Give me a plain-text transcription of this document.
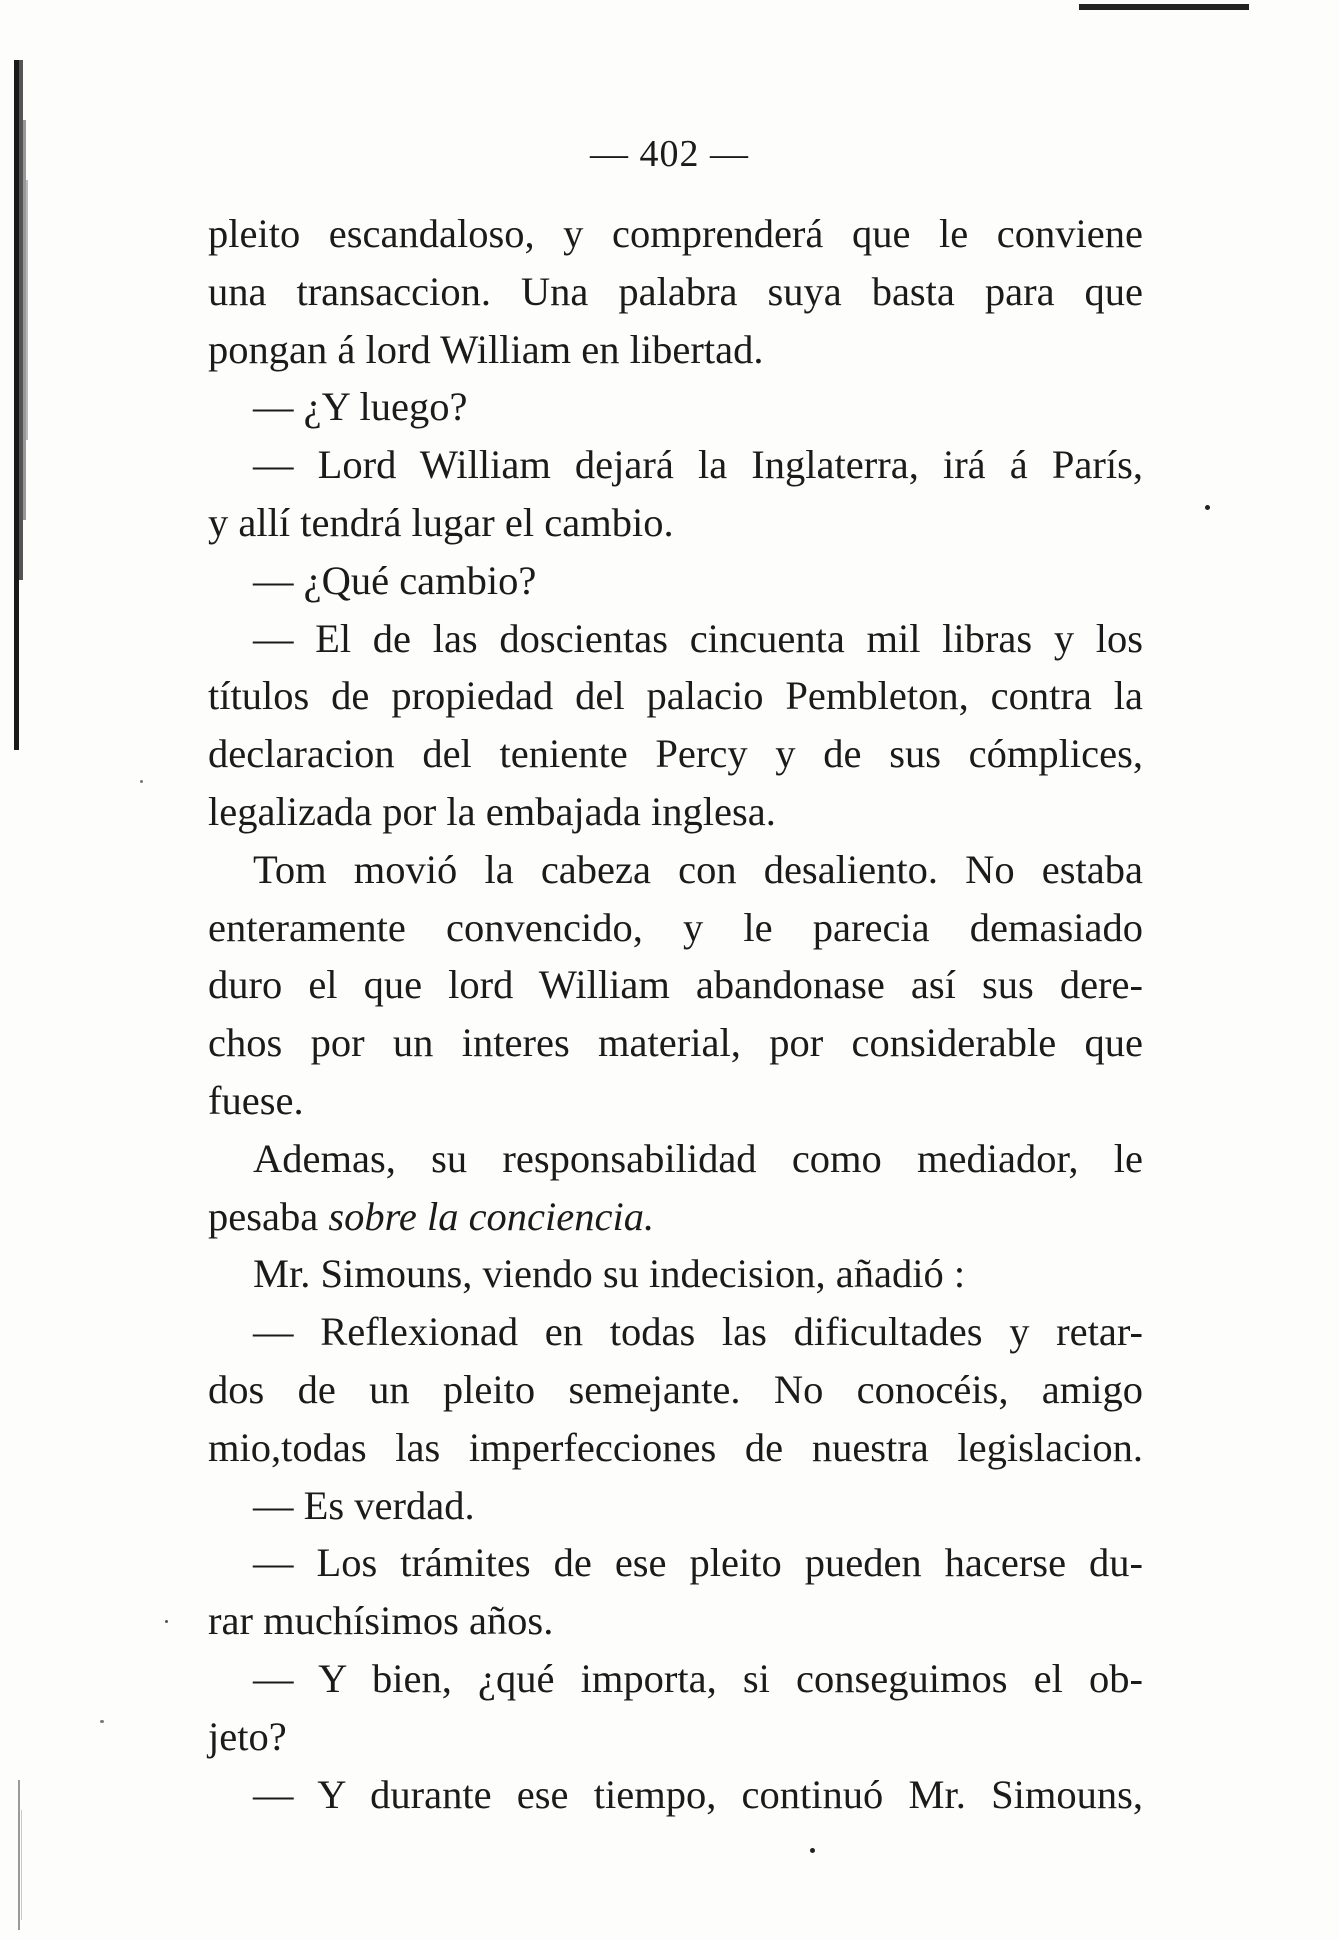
— 402 —
pleito escandaloso, y comprenderá que le conviene
una transaccion. Una palabra suya basta para que
pongan á lord William en libertad.
— ¿Y luego?
— Lord William dejará la Inglaterra, irá á París,
y allí tendrá lugar el cambio.
— ¿Qué cambio?
— El de las doscientas cincuenta mil libras y los
títulos de propiedad del palacio Pembleton, contra la
declaracion del teniente Percy y de sus cómplices,
legalizada por la embajada inglesa.
Tom movió la cabeza con desaliento. No estaba
enteramente convencido, y le parecia demasiado
duro el que lord William abandonase así sus dere-
chos por un interes material, por considerable que
fuese.
Ademas, su responsabilidad como mediador, le
pesaba sobre la conciencia.
Mr. Simouns, viendo su indecision, añadió :
— Reflexionad en todas las dificultades y retar-
dos de un pleito semejante. No conocéis, amigo
mio,todas las imperfecciones de nuestra legislacion.
— Es verdad.
— Los trámites de ese pleito pueden hacerse du-
rar muchísimos años.
— Y bien, ¿qué importa, si conseguimos el ob-
jeto?
— Y durante ese tiempo, continuó Mr. Simouns,
